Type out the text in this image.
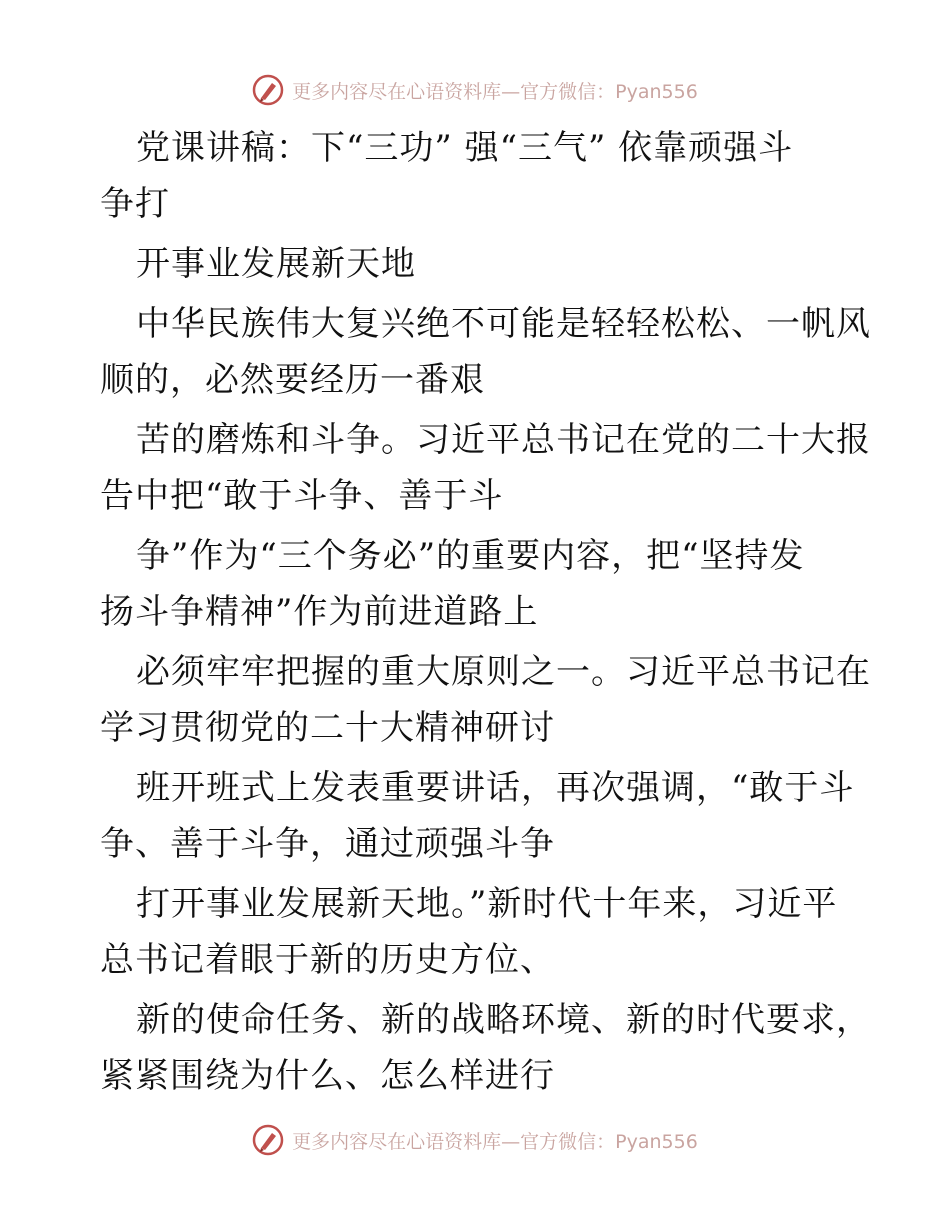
更多内容尽在心语资料库—官方微信：Pyan556
党课讲稿：下“三功” 强“三气” 依靠顽强斗
争打
开事业发展新天地
中华民族伟大复兴绝不可能是轻轻松松、一帆风
顺的，必然要经历一番艰
苦的磨炼和斗争。习近平总书记在党的二十大报
告中把“敢于斗争、善于斗
争”作为“三个务必”的重要内容，把“坚持发
扬斗争精神”作为前进道路上
必须牢牢把握的重大原则之一。习近平总书记在
学习贯彻党的二十大精神研讨
班开班式上发表重要讲话，再次强调，“敢于斗
争、善于斗争，通过顽强斗争
打开事业发展新天地。”新时代十年来，习近平
总书记着眼于新的历史方位、
新的使命任务、新的战略环境、新的时代要求，
紧紧围绕为什么、怎么样进行
更多内容尽在心语资料库—官方微信：Pyan556
